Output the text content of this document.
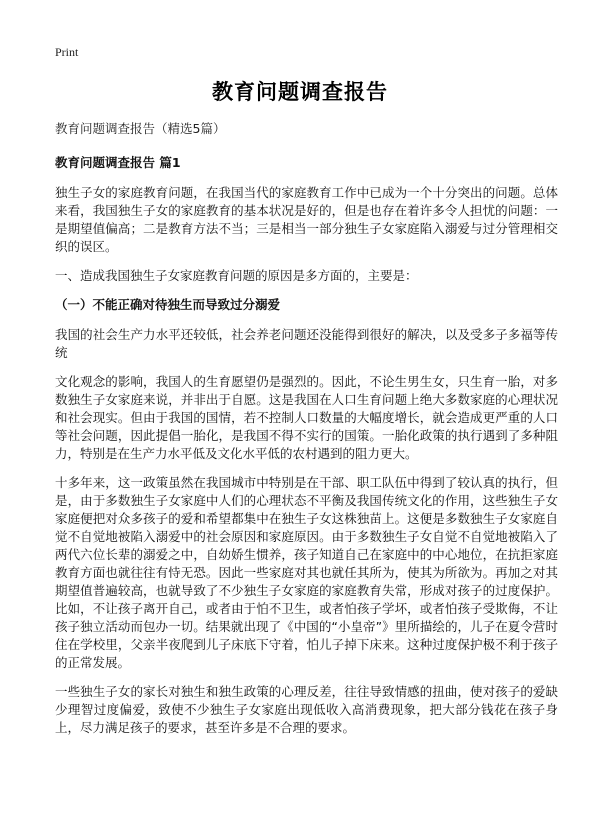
Print
教育问题调查报告

教育问题调查报告（精选5篇）

教育问题调查报告 篇1

独生子女的家庭教育问题，在我国当代的家庭教育工作中已成为一个十分突出的问题。总体来看，我国独生子女的家庭教育的基本状况是好的，但是也存在着许多令人担忧的问题：一是期望值偏高；二是教育方法不当；三是相当一部分独生子女家庭陷入溺爱与过分管理相交织的误区。

一、造成我国独生子女家庭教育问题的原因是多方面的，主要是：

（一）不能正确对待独生而导致过分溺爱

我国的社会生产力水平还较低，社会养老问题还没能得到很好的解决，以及受多子多福等传统

文化观念的影响，我国人的生育愿望仍是强烈的。因此，不论生男生女，只生育一胎，对多数独生子女家庭来说，并非出于自愿。这是我国在人口生育问题上绝大多数家庭的心理状况和社会现实。但由于我国的国情，若不控制人口数量的大幅度增长，就会造成更严重的人口等社会问题，因此提倡一胎化，是我国不得不实行的国策。一胎化政策的执行遇到了多种阻力，特别是在生产力水平低及文化水平低的农村遇到的阻力更大。

十多年来，这一政策虽然在我国城市中特别是在干部、职工队伍中得到了较认真的执行，但是，由于多数独生子女家庭中人们的心理状态不平衡及我国传统文化的作用，这些独生子女家庭便把对众多孩子的爱和希望都集中在独生子女这株独苗上。这便是多数独生子女家庭自觉不自觉地被陷入溺爱中的社会原因和家庭原因。由于多数独生子女自觉不自觉地被陷入了两代六位长辈的溺爱之中，自幼娇生惯养，孩子知道自己在家庭中的中心地位，在抗拒家庭教育方面也就往往有恃无恐。因此一些家庭对其也就任其所为，使其为所欲为。再加之对其期望值普遍较高，也就导致了不少独生子女家庭的家庭教育失常，形成对孩子的过度保护。比如，不让孩子离开自己，或者由于怕不卫生，或者怕孩子学坏，或者怕孩子受欺侮，不让孩子独立活动而包办一切。结果就出现了《中国的“小皇帝”》里所描绘的，儿子在夏令营时住在学校里，父亲半夜爬到儿子床底下守着，怕儿子掉下床来。这种过度保护极不利于孩子的正常发展。

一些独生子女的家长对独生和独生政策的心理反差，往往导致情感的扭曲，使对孩子的爱缺少理智过度偏爱，致使不少独生子女家庭出现低收入高消费现象，把大部分钱花在孩子身上，尽力满足孩子的要求，甚至许多是不合理的要求。
